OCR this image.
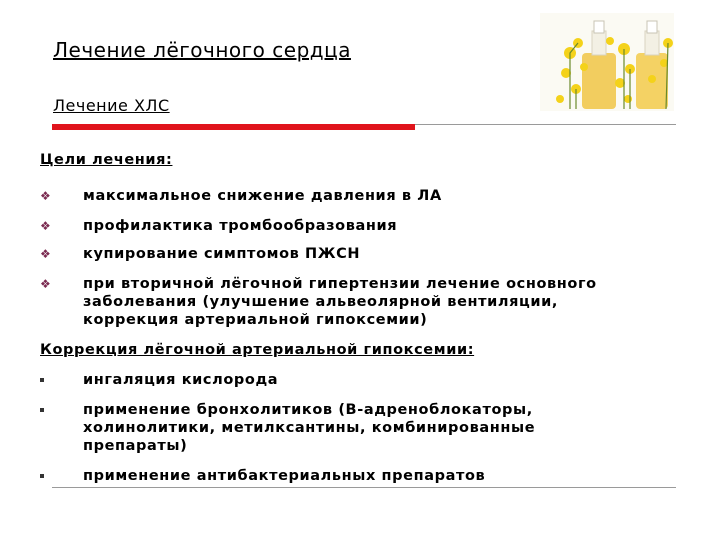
Лечение лёгочного сердца
Лечение ХЛС
Цели лечения:
❖ максимальное снижение давления в ЛА
❖ профилактика тромбообразования
❖ купирование симптомов ПЖСН
❖ при вторичной лёгочной гипертензии лечение основного заболевания (улучшение альвеолярной вентиляции, коррекция артериальной гипоксемии)
Коррекция лёгочной артериальной гипоксемии:
ингаляция кислорода
применение бронхолитиков (В-адреноблокаторы, холинолитики, метилксантины, комбинированные препараты)
применение антибактериальных препаратов
